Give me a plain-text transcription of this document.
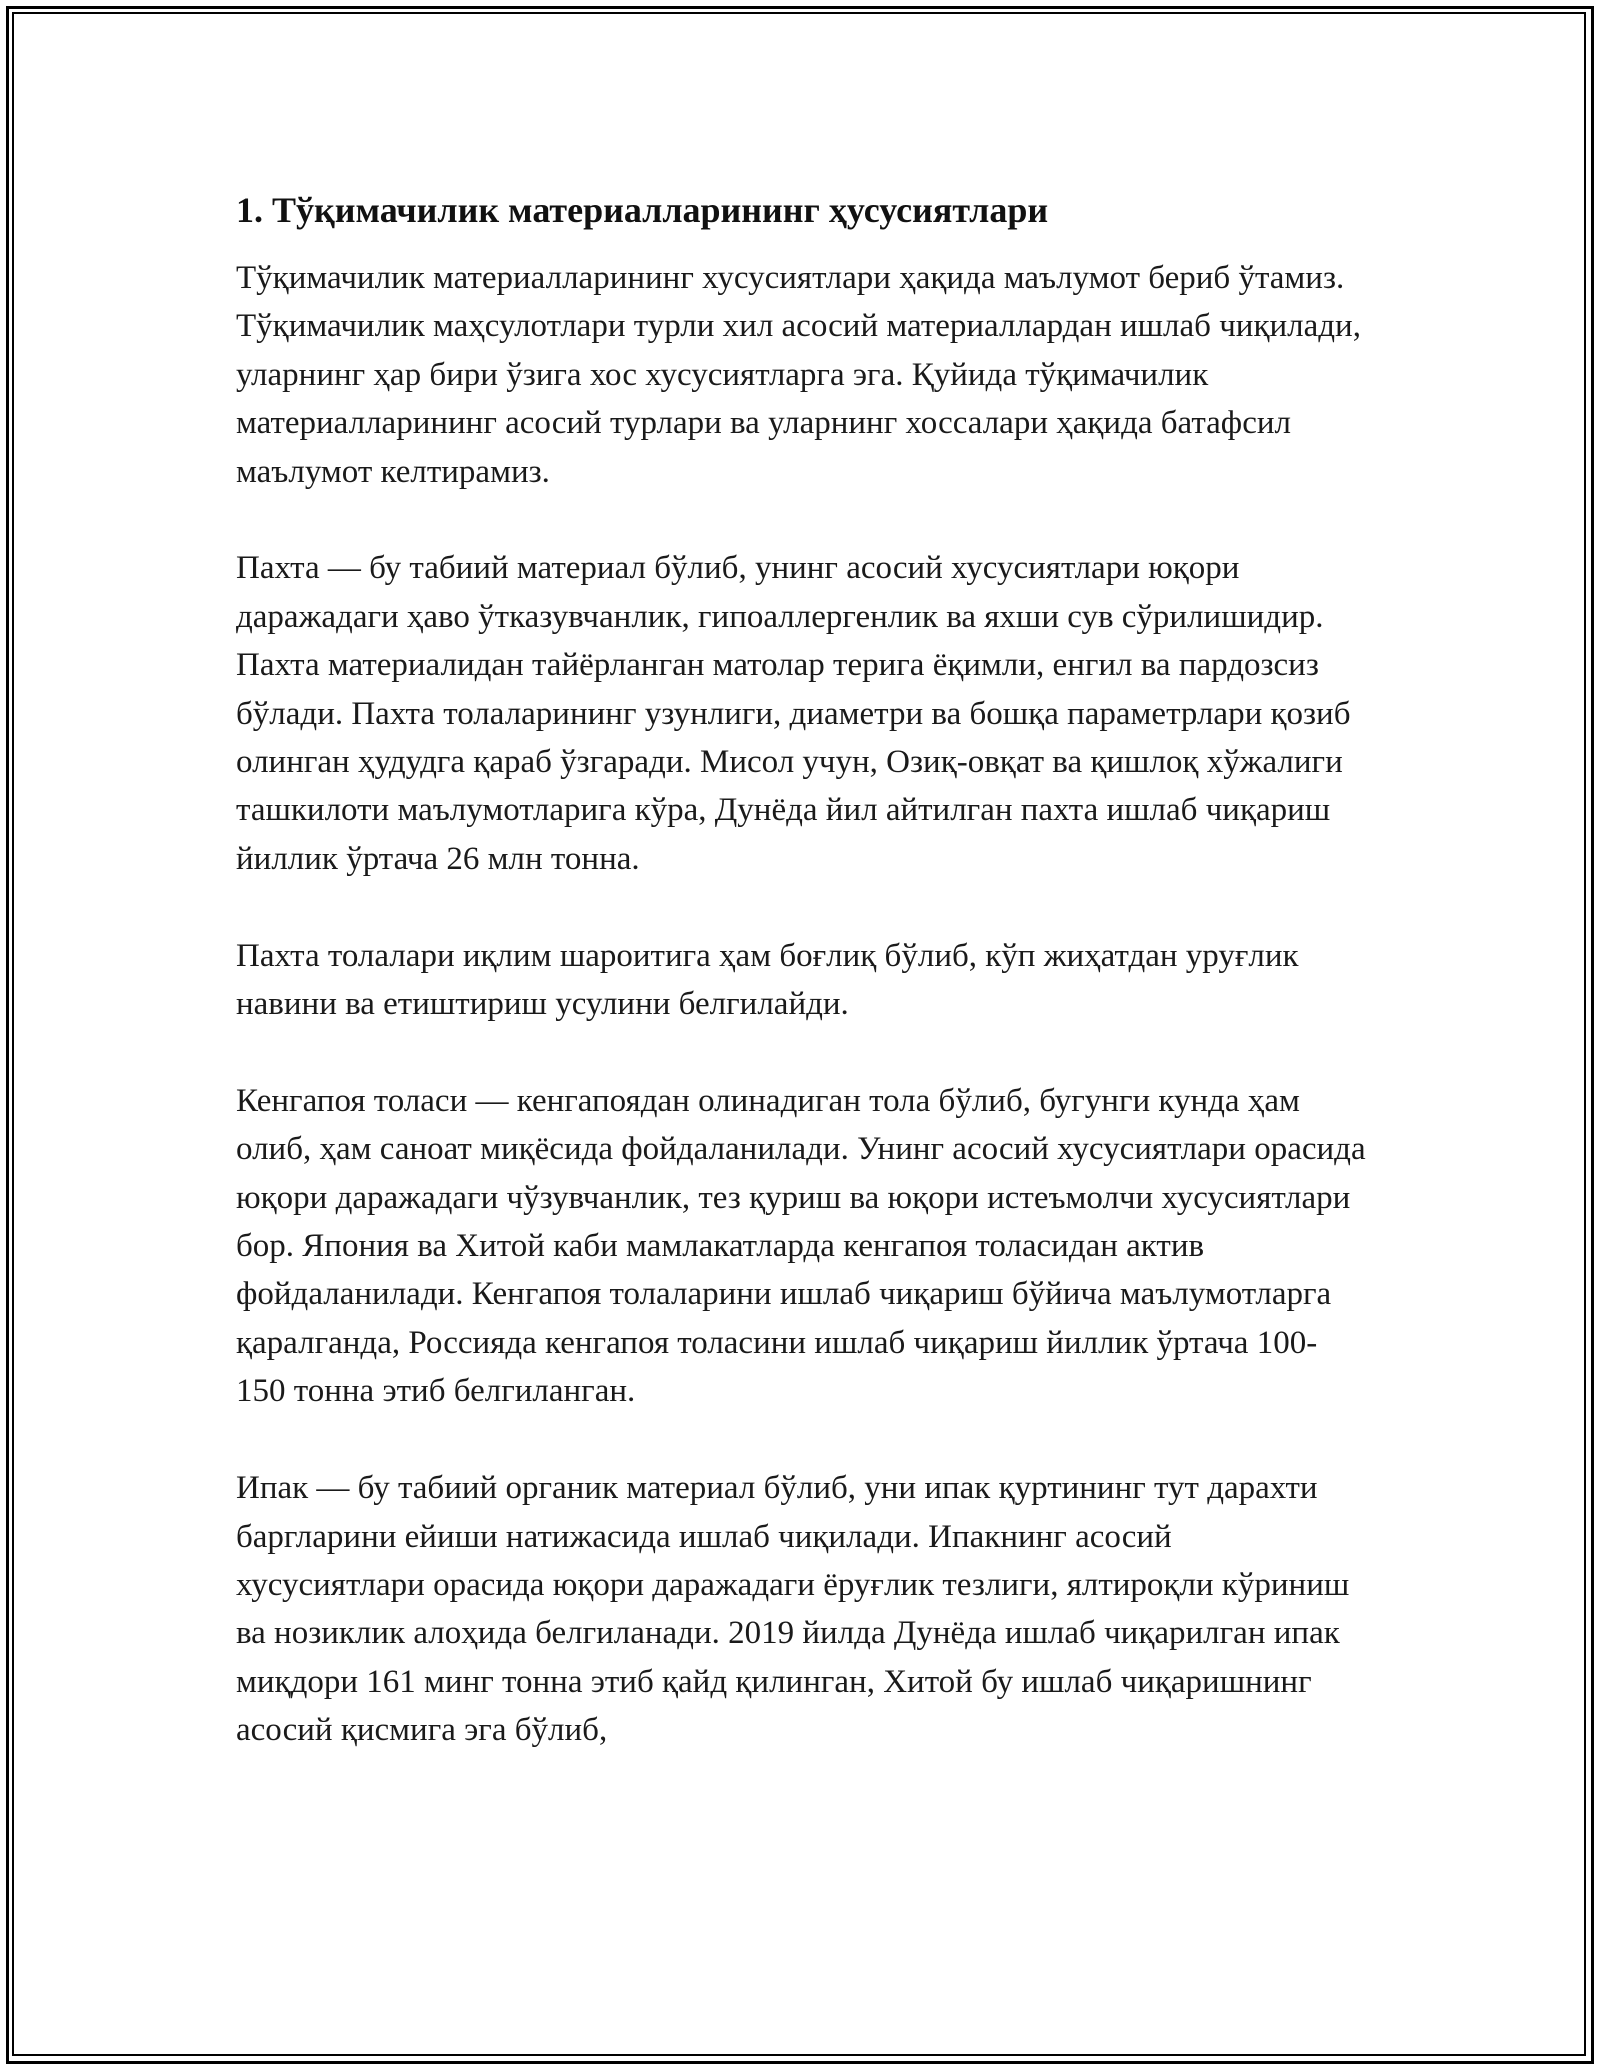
1. Тўқимачилик материалларининг ҳусусиятлари

Тўқимачилик материалларининг хусусиятлари ҳақида маълумот бериб ўтамиз. Тўқимачилик маҳсулотлари турли хил асосий материаллардан ишлаб чиқилади, уларнинг ҳар бири ўзига хос хусусиятларга эга. Қуйида тўқимачилик материалларининг асосий турлари ва уларнинг хоссалари ҳақида батафсил маълумот келтирамиз.

Пахта — бу табиий материал бўлиб, унинг асосий хусусиятлари юқори даражадаги ҳаво ўтказувчанлик, гипоаллергенлик ва яхши сув сўрилишидир. Пахта материалидан тайёрланган матолар терига ёқимли, енгил ва пардозсиз бўлади. Пахта толаларининг узунлиги, диаметри ва бошқа параметрлари қозиб олинган ҳудудга қараб ўзгаради. Мисол учун, Озиқ-овқат ва қишлоқ хўжалиги ташкилоти маълумотларига кўра, Дунёда йил айтилган пахта ишлаб чиқариш йиллик ўртача 26 млн тонна.

Пахта толалари иқлим шароитига ҳам боғлиқ бўлиб, кўп жиҳатдан уруғлик навини ва етиштириш усулини белгилайди.

Кенгапоя толаси — кенгапоядан олинадиган тола бўлиб, бугунги кунда ҳам олиб, ҳам саноат миқёсида фойдаланилади. Унинг асосий хусусиятлари орасида юқори даражадаги чўзувчанлик, тез қуриш ва юқори истеъмолчи хусусиятлари бор. Япония ва Хитой каби мамлакатларда кенгапоя толасидан актив фойдаланилади. Кенгапоя толаларини ишлаб чиқариш бўйича маълумотларга қаралганда, Россияда кенгапоя толасини ишлаб чиқариш йиллик ўртача 100-150 тонна этиб белгиланган.

Ипак — бу табиий органик материал бўлиб, уни ипак қуртининг тут дарахти баргларини ейиши натижасида ишлаб чиқилади. Ипакнинг асосий хусусиятлари орасида юқори даражадаги ёруғлик тезлиги, ялтироқли кўриниш ва нозиклик алоҳида белгиланади. 2019 йилда Дунёда ишлаб чиқарилган ипак миқдори 161 минг тонна этиб қайд қилинган, Хитой бу ишлаб чиқаришнинг асосий қисмига эга бўлиб,
